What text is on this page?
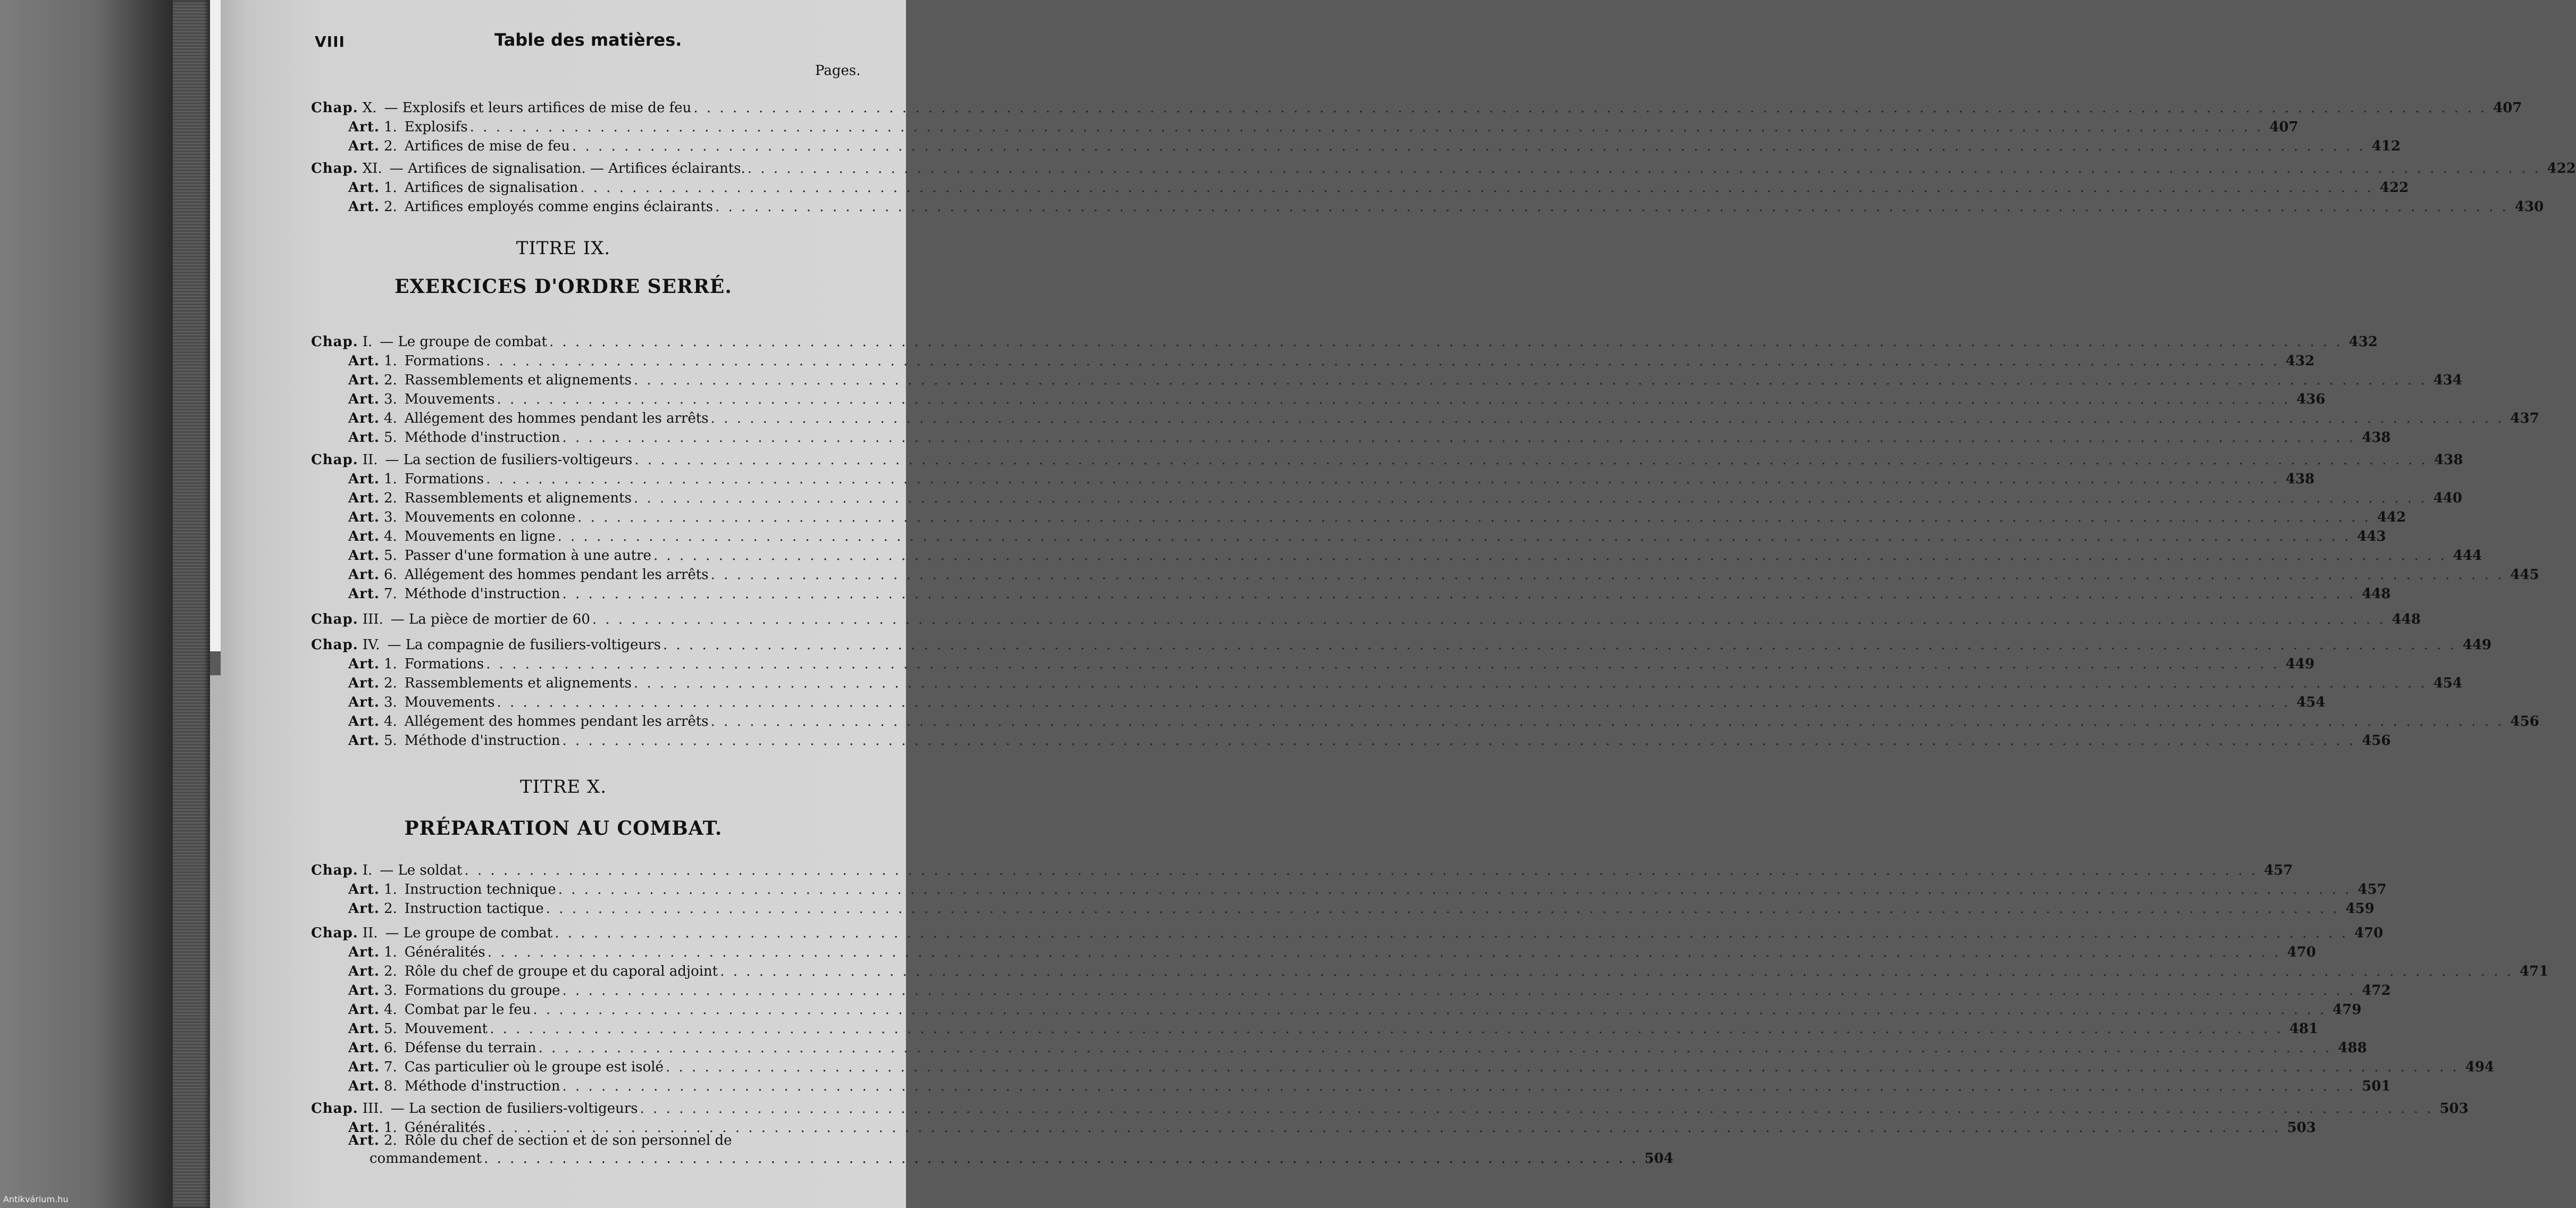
VIII	Table des matières.
Pages.
Chap. X. — Explosifs et leurs artifices de mise de feu . . .	407
Art. 1. Explosifs . . .	407
Art. 2. Artifices de mise de feu . . .	412
Chap. XI. — Artifices de signalisation. — Artifices éclairants. . . .	422
Art. 1. Artifices de signalisation . . .	422
Art. 2. Artifices employés comme engins éclairants . . .	430
TITRE IX.
EXERCICES D'ORDRE SERRÉ.
Chap. I. — Le groupe de combat . . .	432
Art. 1. Formations . . .	432
Art. 2. Rassemblements et alignements . . .	434
Art. 3. Mouvements . . .	436
Art. 4. Allégement des hommes pendant les arrêts . . .	437
Art. 5. Méthode d'instruction . . .	438
Chap. II. — La section de fusiliers-voltigeurs . . .	438
Art. 1. Formations . . .	438
Art. 2. Rassemblements et alignements . . .	440
Art. 3. Mouvements en colonne . . .	442
Art. 4. Mouvements en ligne . . .	443
Art. 5. Passer d'une formation à une autre . . .	444
Art. 6. Allégement des hommes pendant les arrêts . . .	445
Art. 7. Méthode d'instruction . . .	448
Chap. III. — La pièce de mortier de 60 . . .	448
Chap. IV. — La compagnie de fusiliers-voltigeurs . . .	449
Art. 1. Formations . . .	449
Art. 2. Rassemblements et alignements . . .	454
Art. 3. Mouvements . . .	454
Art. 4. Allégement des hommes pendant les arrêts . . .	456
Art. 5. Méthode d'instruction . . .	456
TITRE X.
PRÉPARATION AU COMBAT.
Chap. I. — Le soldat . . .	457
Art. 1. Instruction technique . . .	457
Art. 2. Instruction tactique . . .	459
Chap. II. — Le groupe de combat . . .	470
Art. 1. Généralités . . .	470
Art. 2. Rôle du chef de groupe et du caporal adjoint . . .	471
Art. 3. Formations du groupe . . .	472
Art. 4. Combat par le feu . . .	479
Art. 5. Mouvement . . .	481
Art. 6. Défense du terrain . . .	488
Art. 7. Cas particulier où le groupe est isolé . . .	494
Art. 8. Méthode d'instruction . . .	501
Chap. III. — La section de fusiliers-voltigeurs . . .	503
Art. 1. Généralités . . .	503
Art. 2. Rôle du chef de section et de son personnel de
commandement . . . . . . . . . . . . . . . . . . . . . . . . . . . . . . . . . . . . . . . . . . . . . . . . . . . . . . . . . . . . . . . . . . . . . . . . . . . . . . . . . . . . . . . . . 504
Antikvárium.hu
